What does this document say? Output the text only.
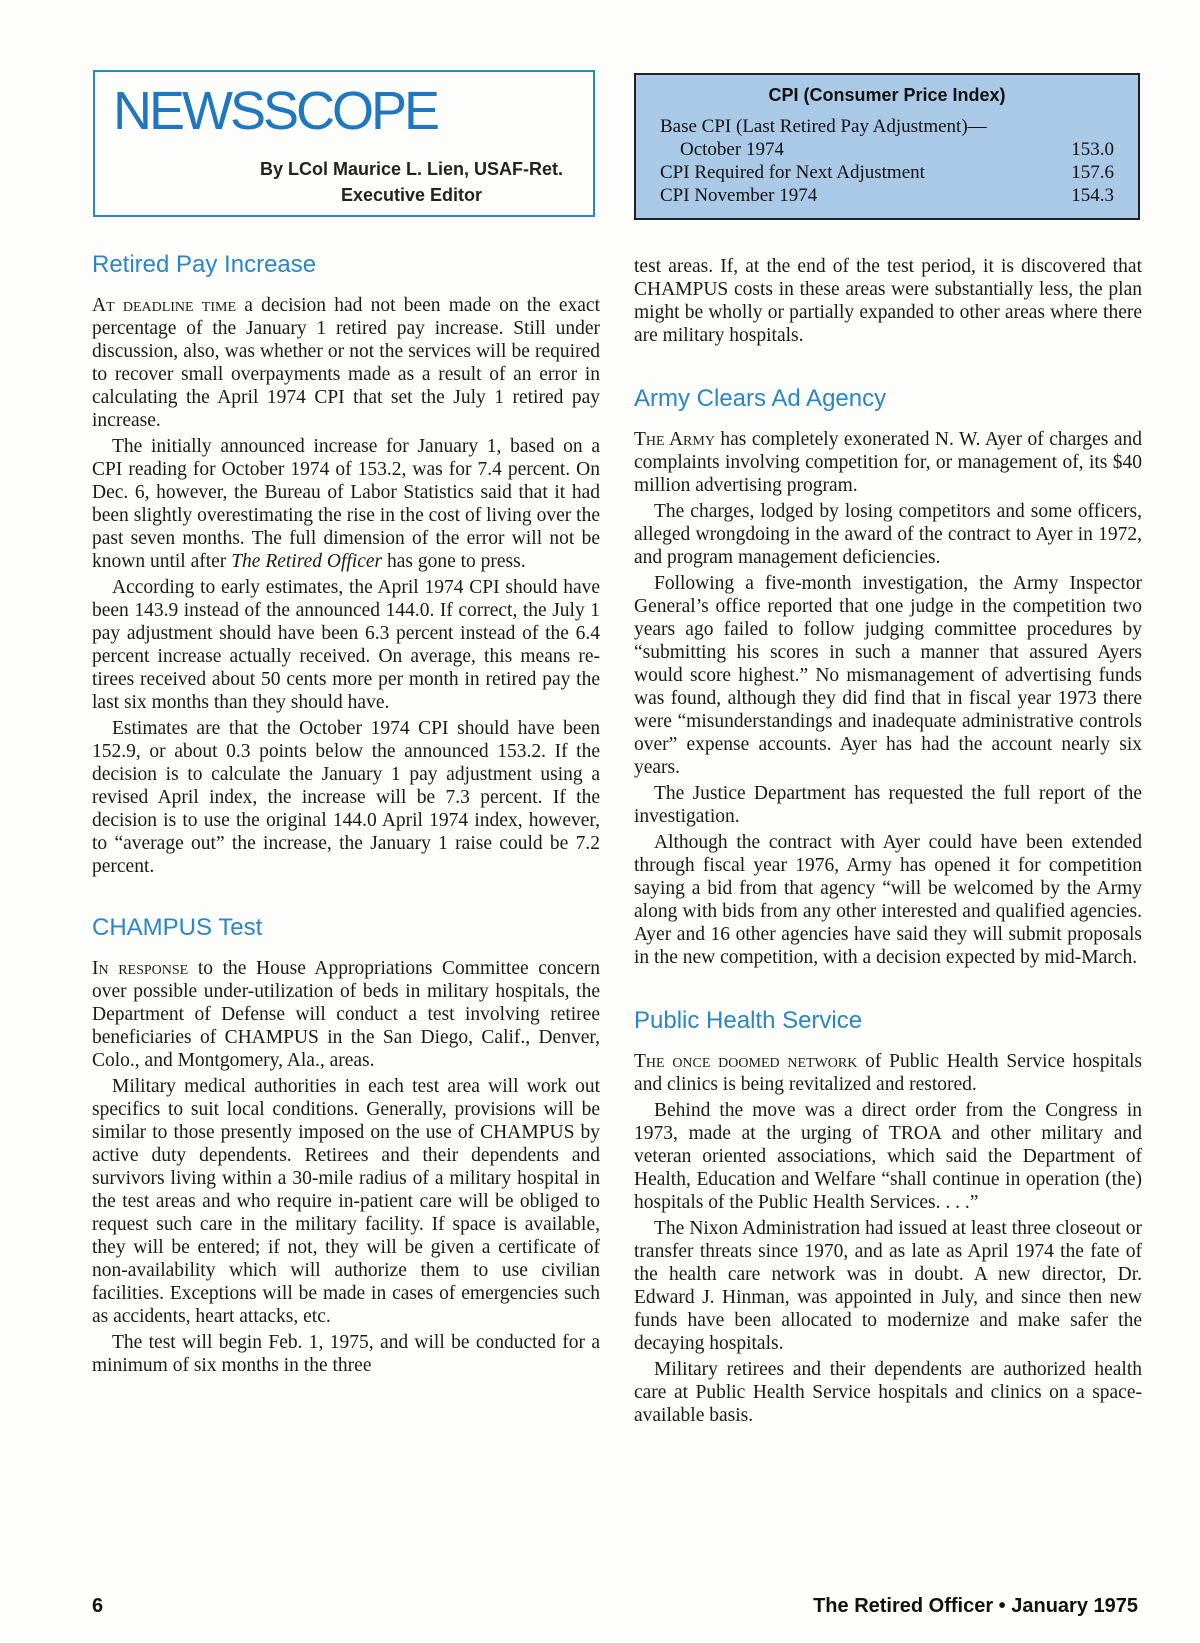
NEWSSCOPE
By LCol Maurice L. Lien, USAF-Ret.
Executive Editor
CPI (Consumer Price Index)
Base CPI (Last Retired Pay Adjustment)—
October 1974	153.0
CPI Required for Next Adjustment	157.6
CPI November 1974	154.3
Retired Pay Increase

At deadline time a decision had not been made on the exact percentage of the January 1 retired pay increase. Still under discussion, also, was whether or not the services will be required to recover small overpayments made as a result of an error in calculating the April 1974 CPI that set the July 1 retired pay increase.

The initially announced increase for January 1, based on a CPI reading for October 1974 of 153.2, was for 7.4 percent. On Dec. 6, however, the Bureau of Labor Statistics said that it had been slightly overestimating the rise in the cost of living over the past seven months. The full dimension of the error will not be known until after The Retired Officer has gone to press.

According to early estimates, the April 1974 CPI should have been 143.9 instead of the announced 144.0. If correct, the July 1 pay adjustment should have been 6.3 percent instead of the 6.4 percent increase actually received. On average, this means retirees received about 50 cents more per month in retired pay the last six months than they should have.

Estimates are that the October 1974 CPI should have been 152.9, or about 0.3 points below the announced 153.2. If the decision is to calculate the January 1 pay adjustment using a revised April index, the increase will be 7.3 percent. If the decision is to use the original 144.0 April 1974 index, however, to “average out” the increase, the January 1 raise could be 7.2 percent.

CHAMPUS Test

In response to the House Appropriations Committee concern over possible under-utilization of beds in military hospitals, the Department of Defense will conduct a test involving retiree beneficiaries of CHAMPUS in the San Diego, Calif., Denver, Colo., and Montgomery, Ala., areas.

Military medical authorities in each test area will work out specifics to suit local conditions. Generally, provisions will be similar to those presently imposed on the use of CHAMPUS by active duty dependents. Retirees and their dependents and survivors living within a 30-mile radius of a military hospital in the test areas and who require in-patient care will be obliged to request such care in the military facility. If space is available, they will be entered; if not, they will be given a certificate of non-availability which will authorize them to use civilian facilities. Exceptions will be made in cases of emergencies such as accidents, heart attacks, etc.

The test will begin Feb. 1, 1975, and will be conducted for a minimum of six months in the three

test areas. If, at the end of the test period, it is discovered that CHAMPUS costs in these areas were substantially less, the plan might be wholly or partially expanded to other areas where there are military hospitals.

Army Clears Ad Agency

The Army has completely exonerated N. W. Ayer of charges and complaints involving competition for, or management of, its $40 million advertising program.

The charges, lodged by losing competitors and some officers, alleged wrongdoing in the award of the contract to Ayer in 1972, and program management deficiencies.

Following a five-month investigation, the Army Inspector General’s office reported that one judge in the competition two years ago failed to follow judging committee procedures by “submitting his scores in such a manner that assured Ayers would score highest.” No mismanagement of advertising funds was found, although they did find that in fiscal year 1973 there were “misunderstandings and inadequate administrative controls over” expense accounts. Ayer has had the account nearly six years.

The Justice Department has requested the full report of the investigation.

Although the contract with Ayer could have been extended through fiscal year 1976, Army has opened it for competition saying a bid from that agency “will be welcomed by the Army along with bids from any other interested and qualified agencies. Ayer and 16 other agencies have said they will submit proposals in the new competition, with a decision expected by mid-March.

Public Health Service

The once doomed network of Public Health Service hospitals and clinics is being revitalized and restored.

Behind the move was a direct order from the Congress in 1973, made at the urging of TROA and other military and veteran oriented associations, which said the Department of Health, Education and Welfare “shall continue in operation (the) hospitals of the Public Health Services. . . .”

The Nixon Administration had issued at least three closeout or transfer threats since 1970, and as late as April 1974 the fate of the health care network was in doubt. A new director, Dr. Edward J. Hinman, was appointed in July, and since then new funds have been allocated to modernize and make safer the decaying hospitals.

Military retirees and their dependents are authorized health care at Public Health Service hospitals and clinics on a space-available basis.

6	The Retired Officer • January 1975
